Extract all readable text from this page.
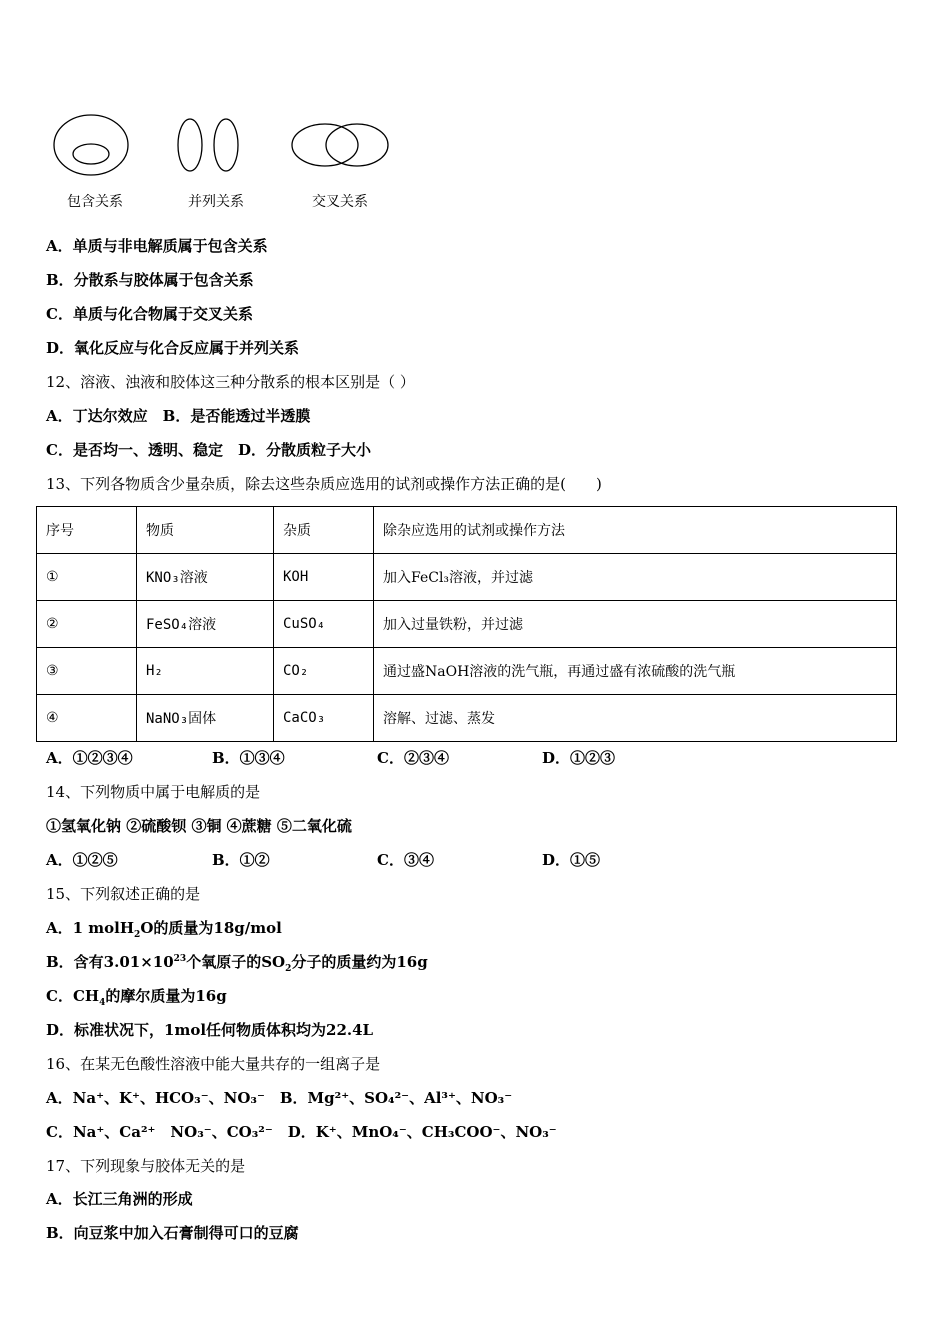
包含关系	并列关系	交叉关系
A．单质与非电解质属于包含关系
B．分散系与胶体属于包含关系
C．单质与化合物属于交叉关系
D．氧化反应与化合反应属于并列关系
12、溶液、浊液和胶体这三种分散系的根本区别是（ ）
A．丁达尔效应　B．是否能透过半透膜
C．是否均一、透明、稳定　D．分散质粒子大小
13、下列各物质含少量杂质，除去这些杂质应选用的试剂或操作方法正确的是(　　)
序号	物质	杂质	除杂应选用的试剂或操作方法
①	KNO₃溶液	KOH	加入FeCl₃溶液，并过滤
②	FeSO₄溶液	CuSO₄	加入过量铁粉，并过滤
③	H₂	CO₂	通过盛NaOH溶液的洗气瓶，再通过盛有浓硫酸的洗气瓶
④	NaNO₃固体	CaCO₃	溶解、过滤、蒸发
A．①②③④	B．①③④	C．②③④	D．①②③
14、下列物质中属于电解质的是
①氢氧化钠 ②硫酸钡 ③铜 ④蔗糖 ⑤二氧化硫
A．①②⑤	B．①②	C．③④	D．①⑤
15、下列叙述正确的是
A．1 molH$_2$O的质量为18g/mol
B．含有$3.01\times 10^{23}$个氧原子的$SO_2$分子的质量约为16g
C．$CH_4$的摩尔质量为16g
D．标准状况下，1mol任何物质体积均为22.4L
16、在某无色酸性溶液中能大量共存的一组离子是
A．Na⁺、K⁺、HCO₃⁻、NO₃⁻　B．Mg²⁺、SO₄²⁻、Al³⁺、NO₃⁻
C．Na⁺、Ca²⁺　NO₃⁻、CO₃²⁻　D．K⁺、MnO₄⁻、CH₃COO⁻、NO₃⁻
17、下列现象与胶体无关的是
A．长江三角洲的形成
B．向豆浆中加入石膏制得可口的豆腐
